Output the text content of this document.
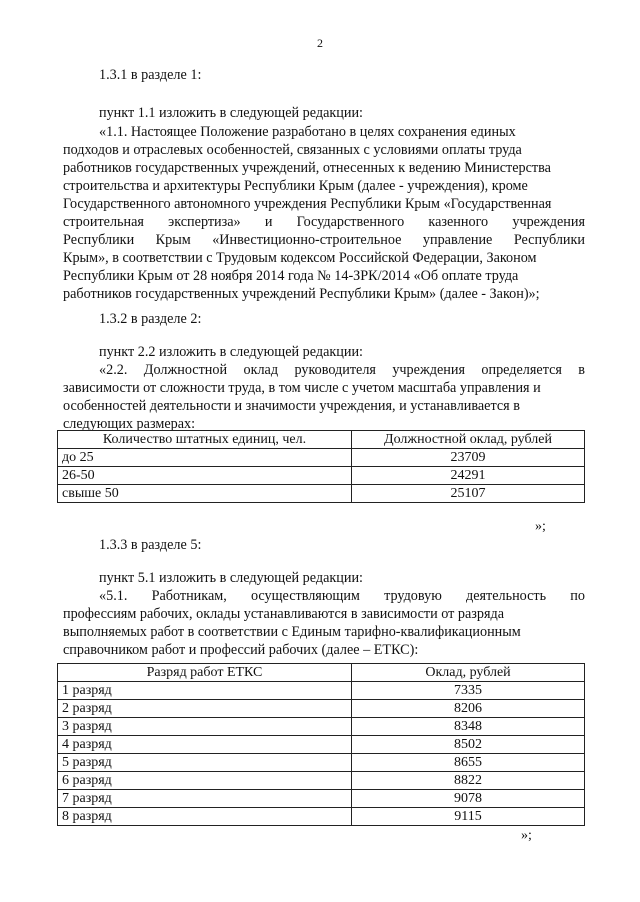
2
1.3.1 в разделе 1:
пункт 1.1 изложить в следующей редакции:
«1.1. Настоящее Положение разработано в целях сохранения единых
подходов и отраслевых особенностей, связанных с условиями оплаты труда
работников государственных учреждений, отнесенных к ведению Министерства
строительства и архитектуры Республики Крым (далее - учреждения), кроме
Государственного автономного учреждения Республики Крым «Государственная
строительная экспертиза» и Государственного казенного учреждения
Республики Крым «Инвестиционно-строительное управление Республики
Крым», в соответствии с Трудовым кодексом Российской Федерации, Законом
Республики Крым от 28 ноября 2014 года № 14-ЗРК/2014 «Об оплате труда
работников государственных учреждений Республики Крым» (далее - Закон)»;
1.3.2 в разделе 2:
пункт 2.2 изложить в следующей редакции:
«2.2. Должностной оклад руководителя учреждения определяется в
зависимости от сложности труда, в том числе с учетом масштаба управления и
особенностей деятельности и значимости учреждения, и устанавливается в
следующих размерах:
Количество штатных единиц, чел.	Должностной оклад, рублей
до 25	23709
26-50	24291
свыше 50	25107
»;
1.3.3 в разделе 5:
пункт 5.1 изложить в следующей редакции:
«5.1. Работникам, осуществляющим трудовую деятельность по
профессиям рабочих, оклады устанавливаются в зависимости от разряда
выполняемых работ в соответствии с Единым тарифно-квалификационным
справочником работ и профессий рабочих (далее – ЕТКС):
Разряд работ ЕТКС	Оклад, рублей
1 разряд	7335
2 разряд	8206
3 разряд	8348
4 разряд	8502
5 разряд	8655
6 разряд	8822
7 разряд	9078
8 разряд	9115
»;
